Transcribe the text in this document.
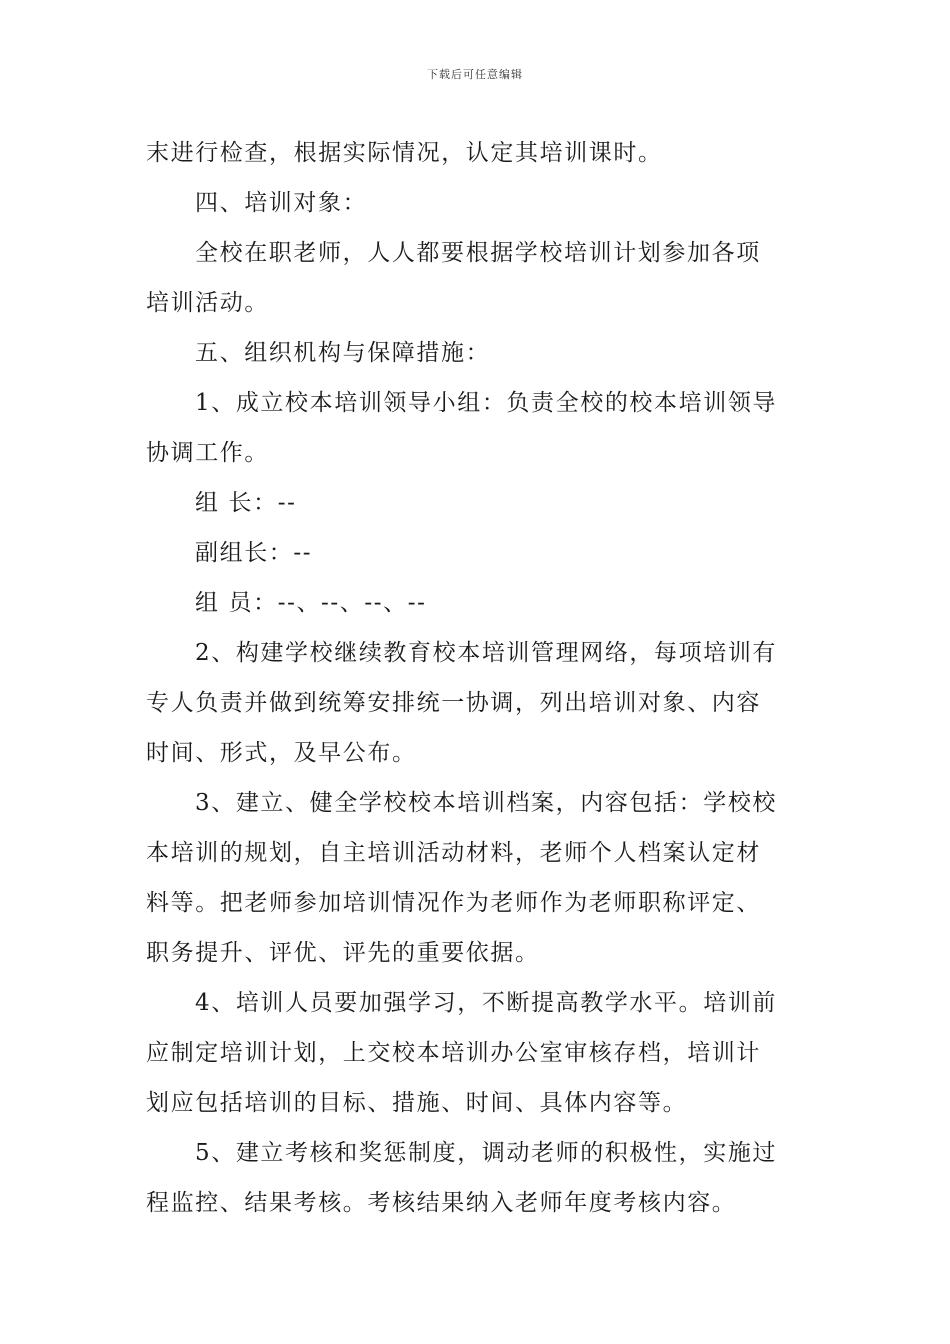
下载后可任意编辑

末进行检查，根据实际情况，认定其培训课时。

四、培训对象：

全校在职老师，人人都要根据学校培训计划参加各项

培训活动。

五、组织机构与保障措施：

1、成立校本培训领导小组：负责全校的校本培训领导

协调工作。

组 长：--

副组长：--

组 员：--、--、--、--

2、构建学校继续教育校本培训管理网络，每项培训有

专人负责并做到统筹安排统一协调，列出培训对象、内容

时间、形式，及早公布。

3、建立、健全学校校本培训档案，内容包括：学校校

本培训的规划，自主培训活动材料，老师个人档案认定材

料等。把老师参加培训情况作为老师作为老师职称评定、

职务提升、评优、评先的重要依据。

4、培训人员要加强学习，不断提高教学水平。培训前

应制定培训计划，上交校本培训办公室审核存档，培训计

划应包括培训的目标、措施、时间、具体内容等。

5、建立考核和奖惩制度，调动老师的积极性，实施过

程监控、结果考核。考核结果纳入老师年度考核内容。
